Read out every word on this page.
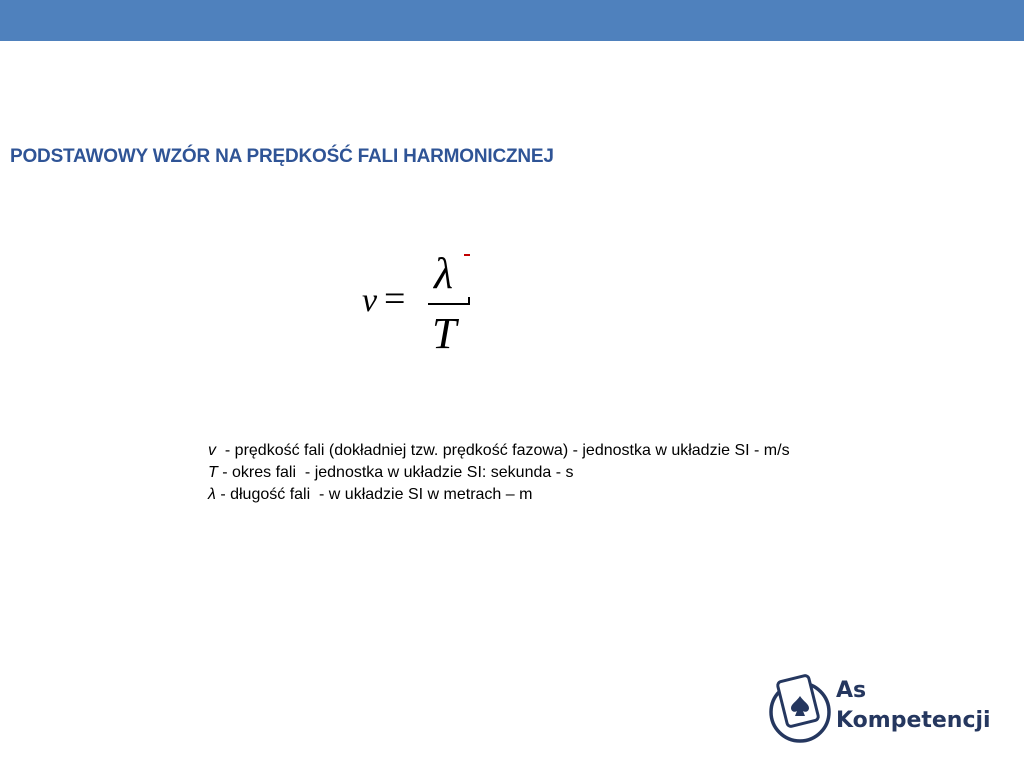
PODSTAWOWY WZÓR NA PRĘDKOŚĆ FALI HARMONICZNEJ
v =
λ
T
v  - prędkość fali (dokładniej tzw. prędkość fazowa) - jednostka w układzie SI - m/s
T - okres fali  - jednostka w układzie SI: sekunda - s
λ - długość fali  - w układzie SI w metrach – m
As
Kompetencji
